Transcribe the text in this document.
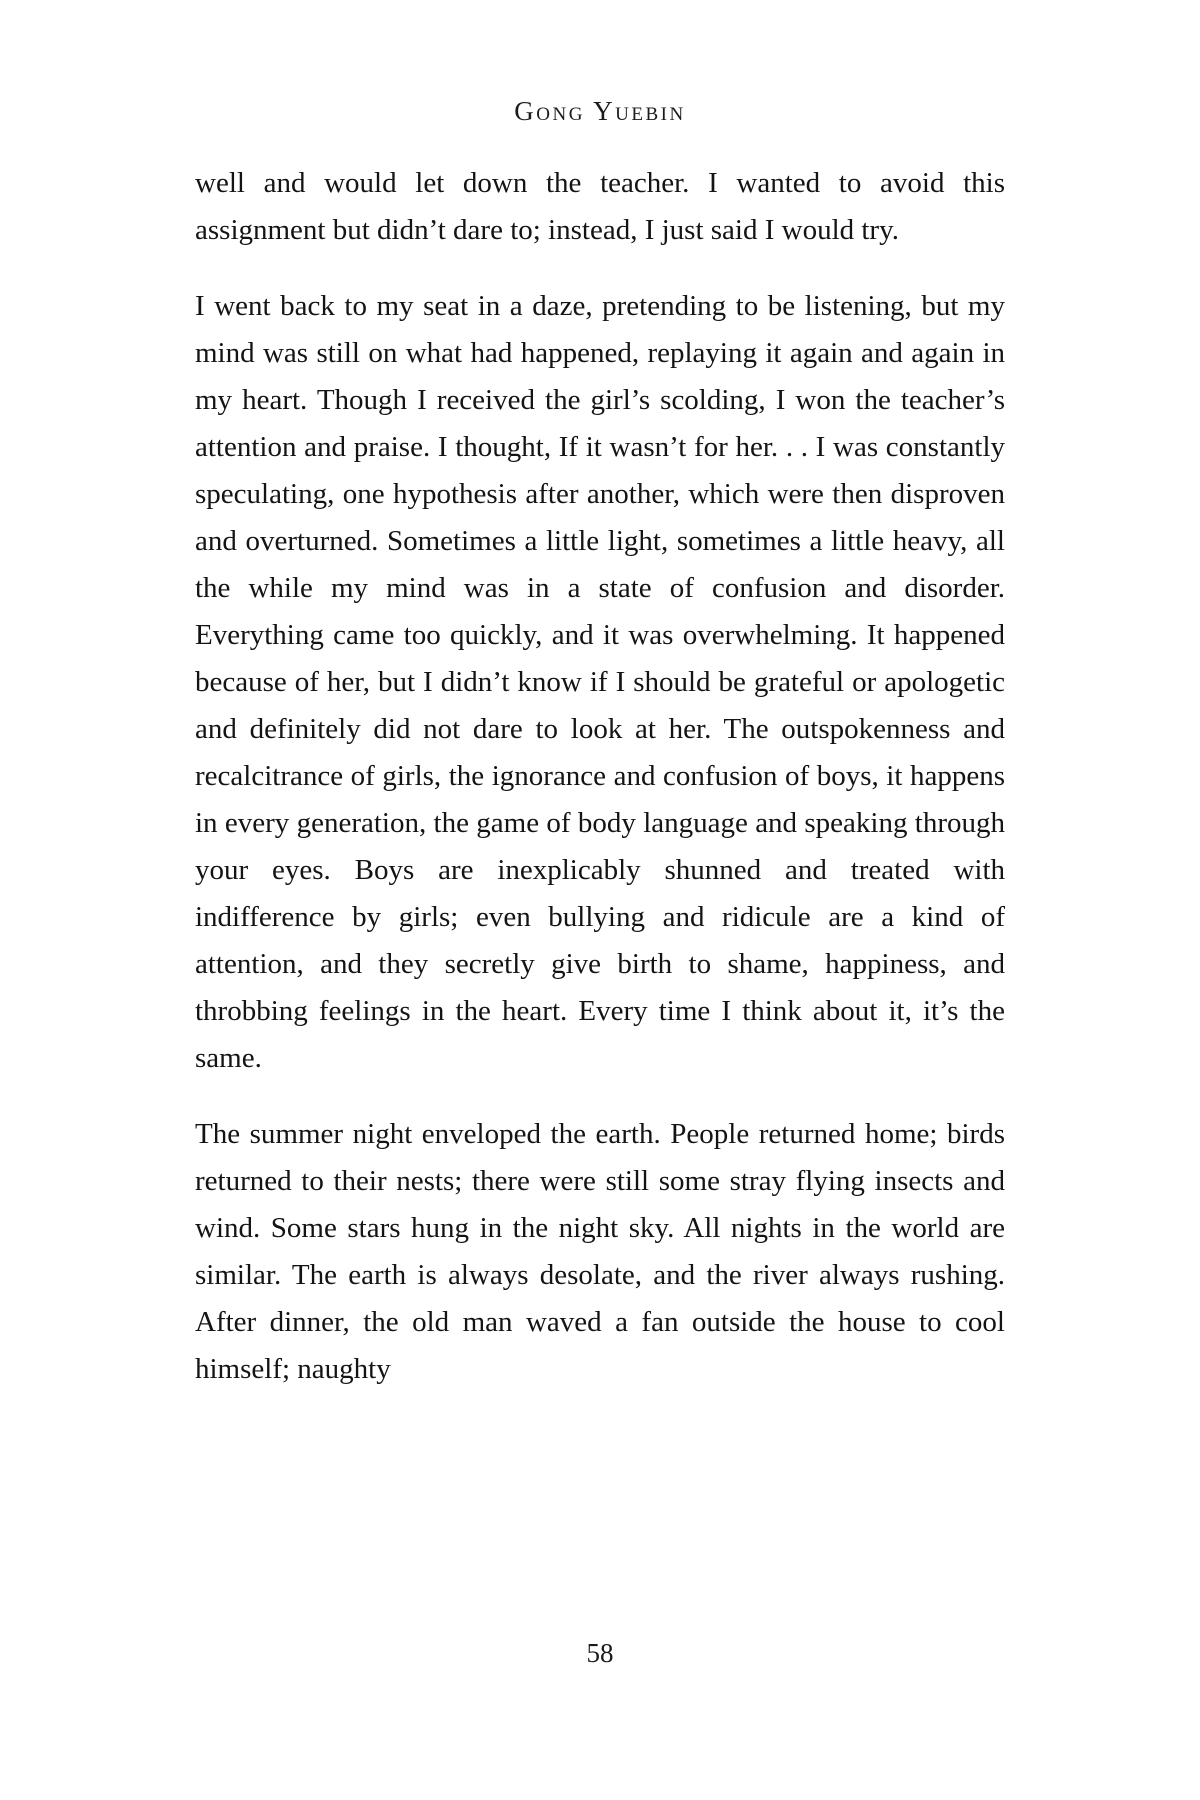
Gong Yuebin

well and would let down the teacher. I wanted to avoid this assignment but didn’t dare to; instead, I just said I would try.

I went back to my seat in a daze, pretending to be listening, but my mind was still on what had happened, replaying it again and again in my heart. Though I received the girl’s scolding, I won the teacher’s attention and praise. I thought, If it wasn’t for her. . . I was constantly speculating, one hypothesis after another, which were then disproven and overturned. Sometimes a little light, sometimes a little heavy, all the while my mind was in a state of confusion and disorder. Everything came too quickly, and it was overwhelming. It happened because of her, but I didn’t know if I should be grateful or apologetic and definitely did not dare to look at her. The outspokenness and recalcitrance of girls, the ignorance and confusion of boys, it happens in every generation, the game of body language and speaking through your eyes. Boys are inexplicably shunned and treated with indifference by girls; even bullying and ridicule are a kind of attention, and they secretly give birth to shame, happiness, and throbbing feelings in the heart. Every time I think about it, it’s the same.

The summer night enveloped the earth. People returned home; birds returned to their nests; there were still some stray flying insects and wind. Some stars hung in the night sky. All nights in the world are similar. The earth is always desolate, and the river always rushing. After dinner, the old man waved a fan outside the house to cool himself; naughty

58
